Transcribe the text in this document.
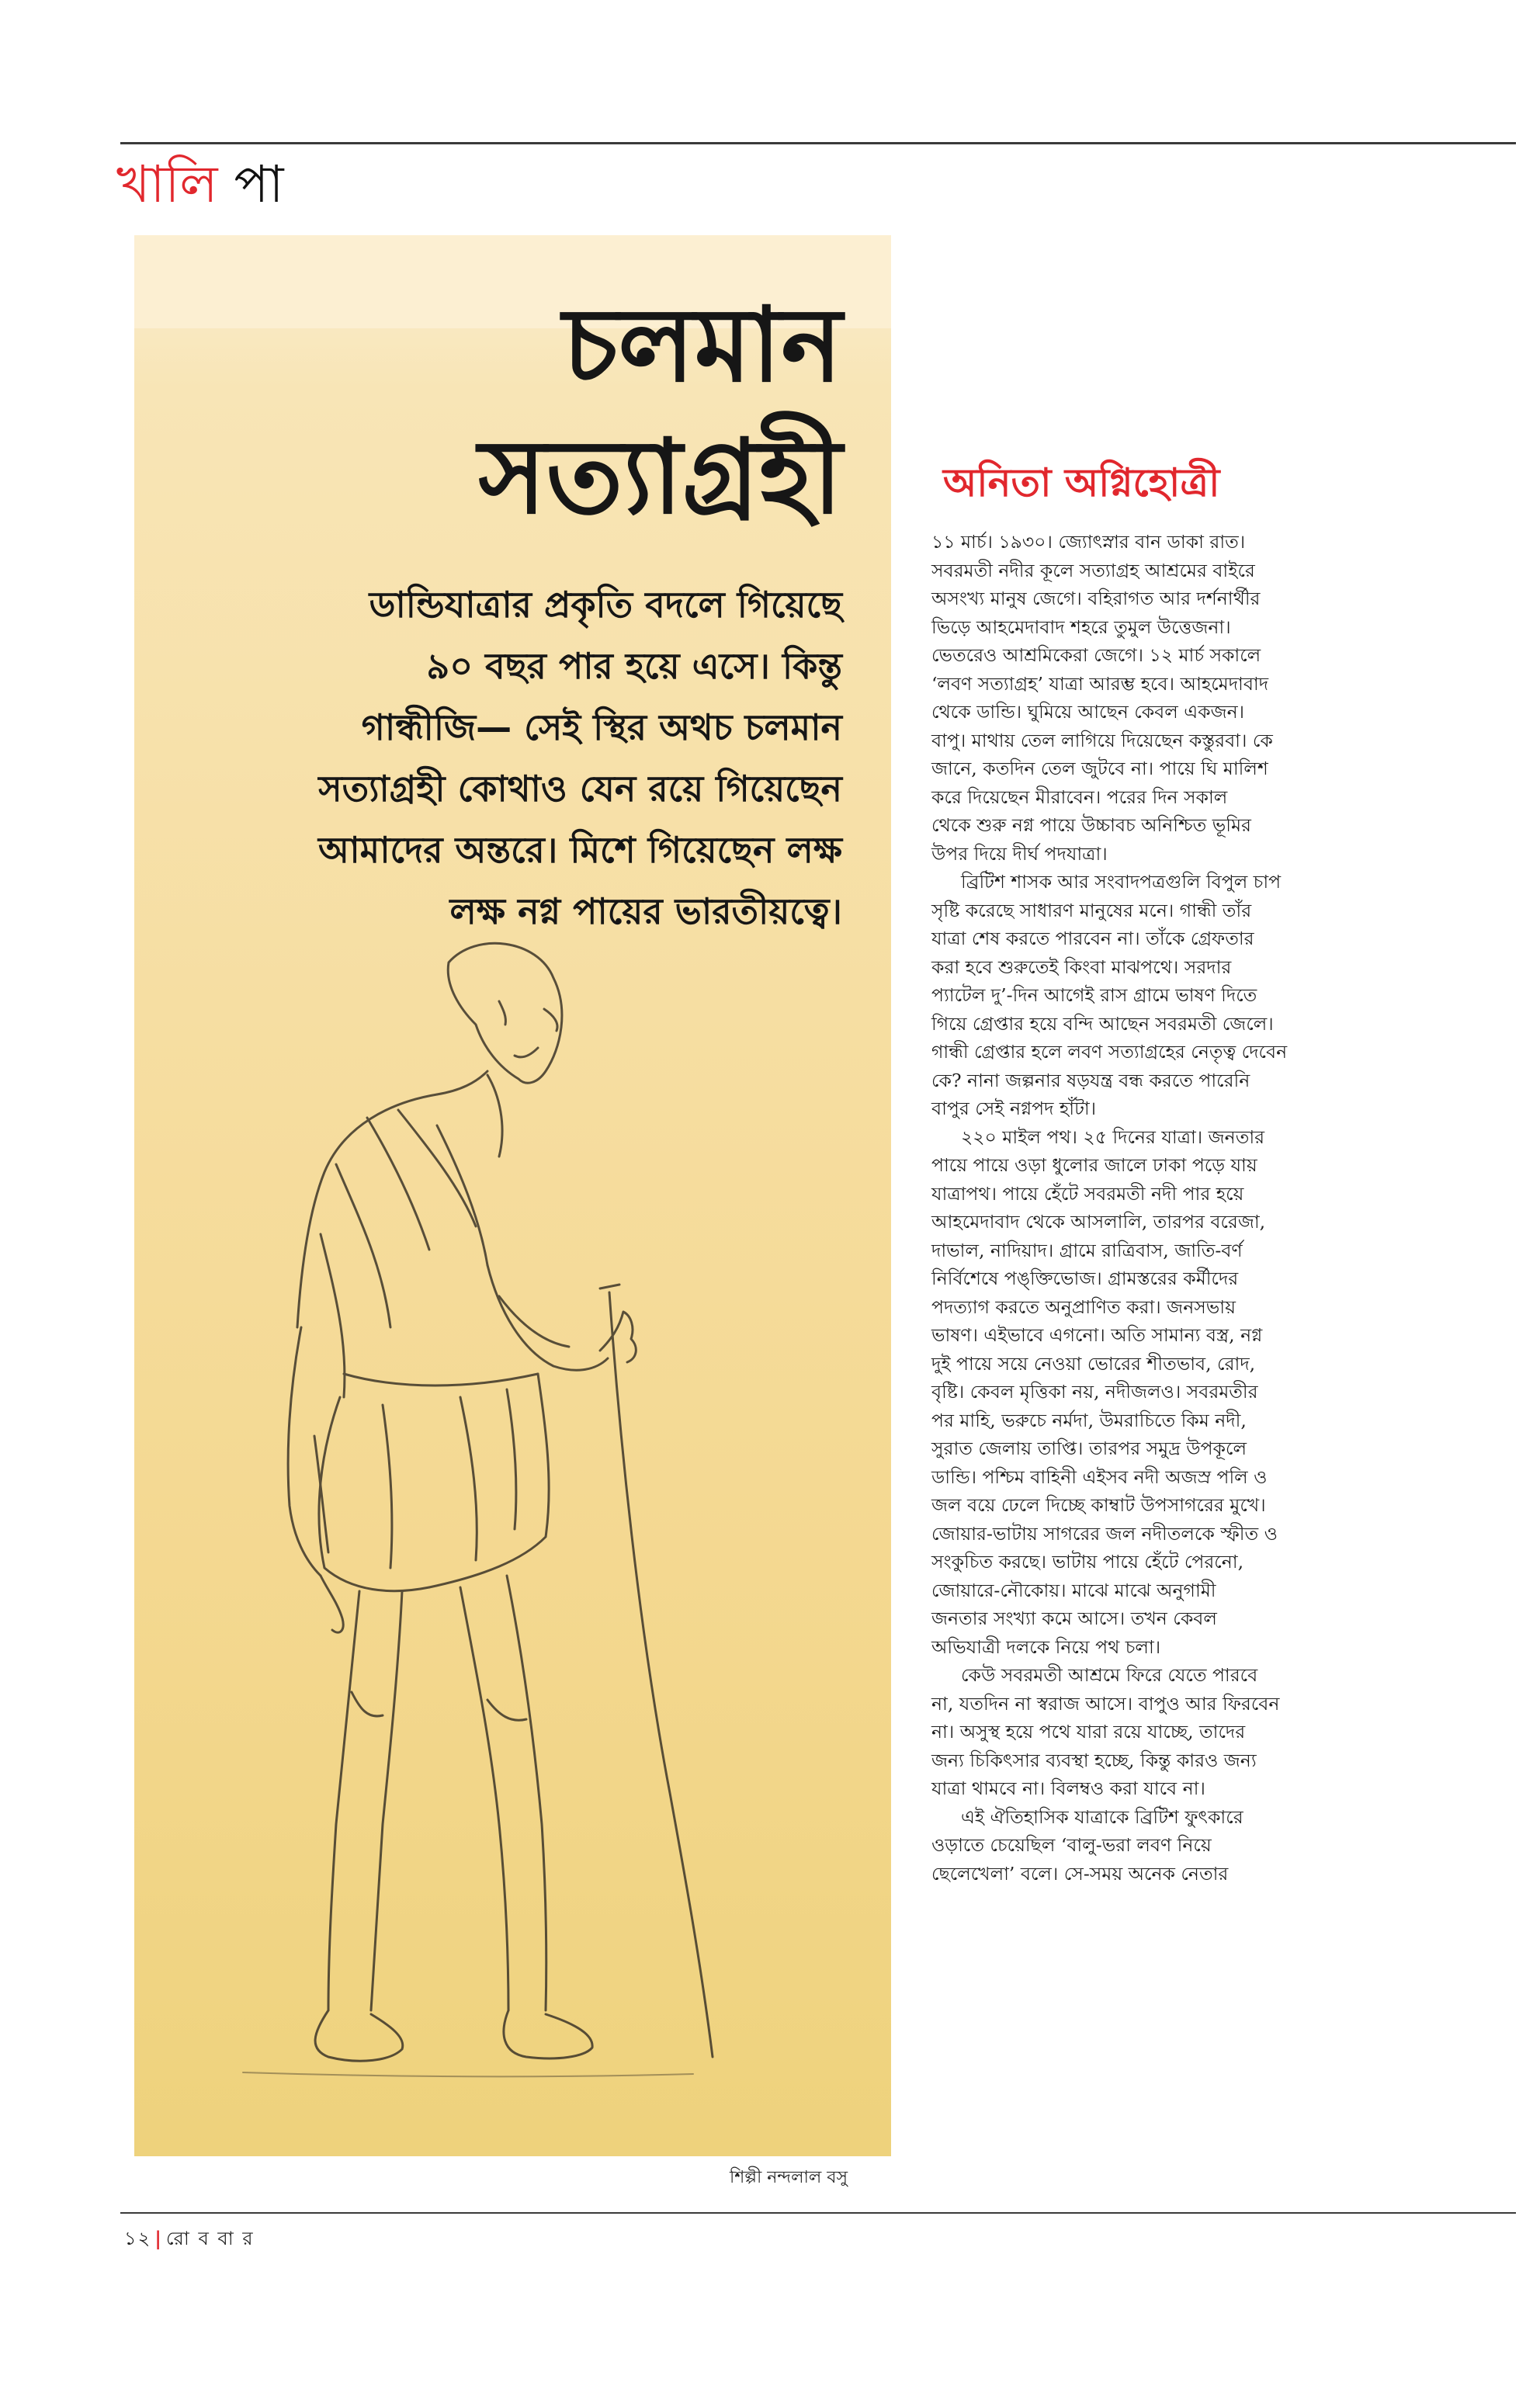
খালি পা
চলমান
সত্যাগ্রহী

ডান্ডিযাত্রার প্রকৃতি বদলে গিয়েছে
৯০ বছর পার হয়ে এসে। কিন্তু
গান্ধীজি— সেই স্থির অথচ চলমান
সত্যাগ্রহী কোথাও যেন রয়ে গিয়েছেন
আমাদের অন্তরে। মিশে গিয়েছেন লক্ষ
লক্ষ নগ্ন পায়ের ভারতীয়ত্বে।

শিল্পী নন্দলাল বসু
অনিতা অগ্নিহোত্রী

১১ মার্চ। ১৯৩০। জ্যোৎস্নার বান ডাকা রাত।
সবরমতী নদীর কূলে সত্যাগ্রহ আশ্রমের বাইরে
অসংখ্য মানুষ জেগে। বহিরাগত আর দর্শনার্থীর
ভিড়ে আহমেদাবাদ শহরে তুমুল উত্তেজনা।
ভেতরেও আশ্রমিকেরা জেগে। ১২ মার্চ সকালে
‘লবণ সত্যাগ্রহ’ যাত্রা আরম্ভ হবে। আহমেদাবাদ
থেকে ডান্ডি। ঘুমিয়ে আছেন কেবল একজন।
বাপু। মাথায় তেল লাগিয়ে দিয়েছেন কস্তুরবা। কে
জানে, কতদিন তেল জুটবে না। পায়ে ঘি মালিশ
করে দিয়েছেন মীরাবেন। পরের দিন সকাল
থেকে শুরু নগ্ন পায়ে উচ্চাবচ অনিশ্চিত ভূমির
উপর দিয়ে দীর্ঘ পদযাত্রা।

ব্রিটিশ শাসক আর সংবাদপত্রগুলি বিপুল চাপ
সৃষ্টি করেছে সাধারণ মানুষের মনে। গান্ধী তাঁর
যাত্রা শেষ করতে পারবেন না। তাঁকে গ্রেফতার
করা হবে শুরুতেই কিংবা মাঝপথে। সরদার
প্যাটেল দু’-দিন আগেই রাস গ্রামে ভাষণ দিতে
গিয়ে গ্রেপ্তার হয়ে বন্দি আছেন সবরমতী জেলে।
গান্ধী গ্রেপ্তার হলে লবণ সত্যাগ্রহের নেতৃত্ব দেবেন
কে? নানা জল্পনার ষড়যন্ত্র বন্ধ করতে পারেনি
বাপুর সেই নগ্নপদ হাঁটা।

২২০ মাইল পথ। ২৫ দিনের যাত্রা। জনতার
পায়ে পায়ে ওড়া ধুলোর জালে ঢাকা পড়ে যায়
যাত্রাপথ। পায়ে হেঁটে সবরমতী নদী পার হয়ে
আহমেদাবাদ থেকে আসলালি, তারপর বরেজা,
দাভাল, নাদিয়াদ। গ্রামে রাত্রিবাস, জাতি-বর্ণ
নির্বিশেষে পঙ্‌ক্তিভোজ। গ্রামস্তরের কর্মীদের
পদত্যাগ করতে অনুপ্রাণিত করা। জনসভায়
ভাষণ। এইভাবে এগনো। অতি সামান্য বস্ত্র, নগ্ন
দুই পায়ে সয়ে নেওয়া ভোরের শীতভাব, রোদ,
বৃষ্টি। কেবল মৃত্তিকা নয়, নদীজলও। সবরমতীর
পর মাহি, ভরুচে নর্মদা, উমরাচিতে কিম নদী,
সুরাত জেলায় তাপ্তি। তারপর সমুদ্র উপকূলে
ডান্ডি। পশ্চিম বাহিনী এইসব নদী অজস্র পলি ও
জল বয়ে ঢেলে দিচ্ছে কাম্বাট উপসাগরের মুখে।
জোয়ার-ভাটায় সাগরের জল নদীতলকে স্ফীত ও
সংকুচিত করছে। ভাটায় পায়ে হেঁটে পেরনো,
জোয়ারে-নৌকোয়। মাঝে মাঝে অনুগামী
জনতার সংখ্যা কমে আসে। তখন কেবল
অভিযাত্রী দলকে নিয়ে পথ চলা।

কেউ সবরমতী আশ্রমে ফিরে যেতে পারবে
না, যতদিন না স্বরাজ আসে। বাপুও আর ফিরবেন
না। অসুস্থ হয়ে পথে যারা রয়ে যাচ্ছে, তাদের
জন্য চিকিৎসার ব্যবস্থা হচ্ছে, কিন্তু কারও জন্য
যাত্রা থামবে না। বিলম্বও করা যাবে না।

এই ঐতিহাসিক যাত্রাকে ব্রিটিশ ফুৎকারে
ওড়াতে চেয়েছিল ‘বালু-ভরা লবণ নিয়ে
ছেলেখেলা’ বলে। সে-সময় অনেক নেতার

১২ | রো ব বা র
